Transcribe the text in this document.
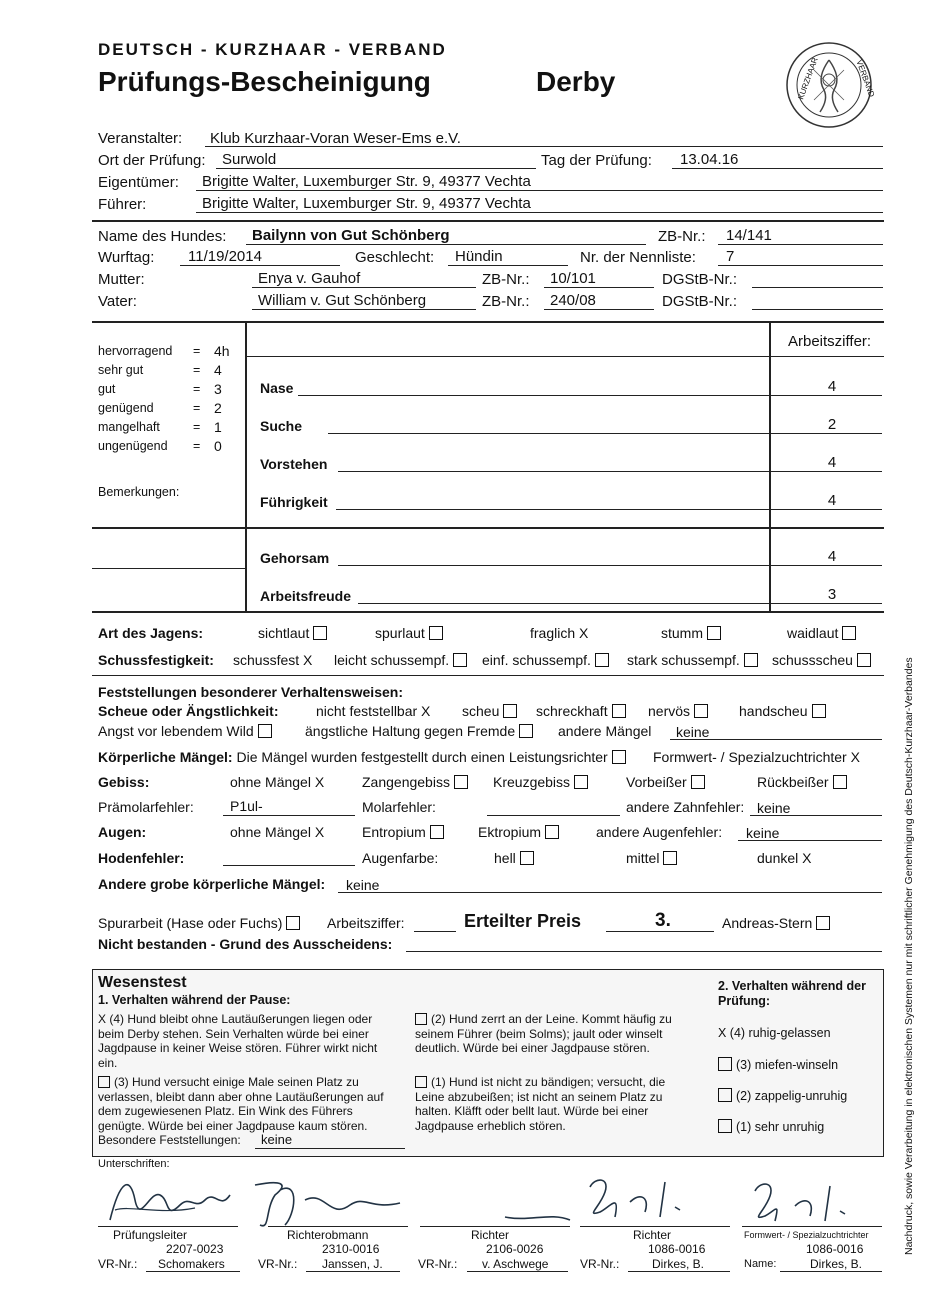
DEUTSCH - KURZHAAR - VERBAND
Prüfungs-Bescheinigung	Derby	KURZHAAR	VERBAND
Veranstalter: Klub Kurzhaar-Voran Weser-Ems e.V.
Ort der Prüfung: Surwold	Tag der Prüfung: 13.04.16
Eigentümer: Brigitte Walter, Luxemburger Str. 9, 49377 Vechta
Führer:	Brigitte Walter, Luxemburger Str. 9, 49377 Vechta
Name des Hundes: Bailynn von Gut Schönberg	ZB-Nr.: 14/141
Wurftag: 11/19/2014	Geschlecht: Hündin	Nr. der Nennliste: 7
Mutter:	Enya v. Gauhof	ZB-Nr.: 10/101	DGStB-Nr.:
Vater:	William v. Gut Schönberg	ZB-Nr.: 240/08	DGStB-Nr.:
Arbeitsziffer:
hervorragend = 4h
sehr gut	= 4
gut	= 3
genügend	= 2
mangelhaft	= 1
ungenügend = 0
Bemerkungen:
Nase	4
Suche	2
Vorstehen	4
Führigkeit	4
Gehorsam	4
Arbeitsfreude	3
Art des Jagens:	sichtlaut	spurlaut	fraglich X	stumm	waidlaut
Schussfestigkeit: schussfest X leicht schussempf.	einf. schussempf.	stark schussempf.	schussscheu
Feststellungen besonderer Verhaltensweisen:
Scheue oder Ängstlichkeit:	nicht feststellbar X scheu	schreckhaft	nervös	handscheu
Angst vor lebendem Wild	ängstliche Haltung gegen Fremde	andere Mängel keine
Körperliche Mängel: Die Mängel wurden festgestellt durch einen Leistungsrichter	Formwert- / Spezialzuchtrichter X
Gebiss:	ohne Mängel X	Zangengebiss	Kreuzgebiss	Vorbeißer	Rückbeißer
Prämolarfehler:	P1ul-	Molarfehler:	andere Zahnfehler: keine
Augen:	ohne Mängel X	Entropium	Ektropium	andere Augenfehler: keine
Hodenfehler:	Augenfarbe:	hell	mittel	dunkel X
Andere grobe körperliche Mängel: keine
Spurarbeit (Hase oder Fuchs)	Arbeitsziffer:	Erteilter Preis	3.	Andreas-Stern
Nicht bestanden - Grund des Ausscheidens:
Wesenstest
1. Verhalten während der Pause:
X (4) Hund bleibt ohne Lautäußerungen liegen oder beim Derby stehen. Sein Verhalten würde bei einer Jagdpause in keiner Weise stören. Führer wirkt nicht ein.
(3) Hund versucht einige Male seinen Platz zu verlassen, bleibt dann aber ohne Lautäußerungen auf dem zugewiesenen Platz. Ein Wink des Führers genügte. Würde bei einer Jagdpause kaum stören.
Besondere Feststellungen: keine
(2) Hund zerrt an der Leine. Kommt häufig zu seinem Führer (beim Solms); jault oder winselt deutlich. Würde bei einer Jagdpause stören.
(1) Hund ist nicht zu bändigen; versucht, die Leine abzubeißen; ist nicht an seinem Platz zu halten. Kläfft oder bellt laut. Würde bei einer Jagdpause erheblich stören.
2. Verhalten während der
Prüfung:
X (4) ruhig-gelassen
(3) miefen-winseln
(2) zappelig-unruhig
(1) sehr unruhig
Unterschriften:
Prüfungsleiter
2207-0023
VR-Nr.: Schomakers
Richterobmann
2310-0016
VR-Nr.: Janssen, J.
Richter
2106-0026
VR-Nr.: v. Aschwege
Richter
1086-0016
VR-Nr.:	Dirkes, B.
Formwert- / Spezialzuchtrichter
1086-0016
Name:	Dirkes, B.
Nachdruck, sowie Verarbeitung in elektronischen Systemen nur mit schriftlicher Genehmigung des Deutsch-Kurzhaar-Verbandes
